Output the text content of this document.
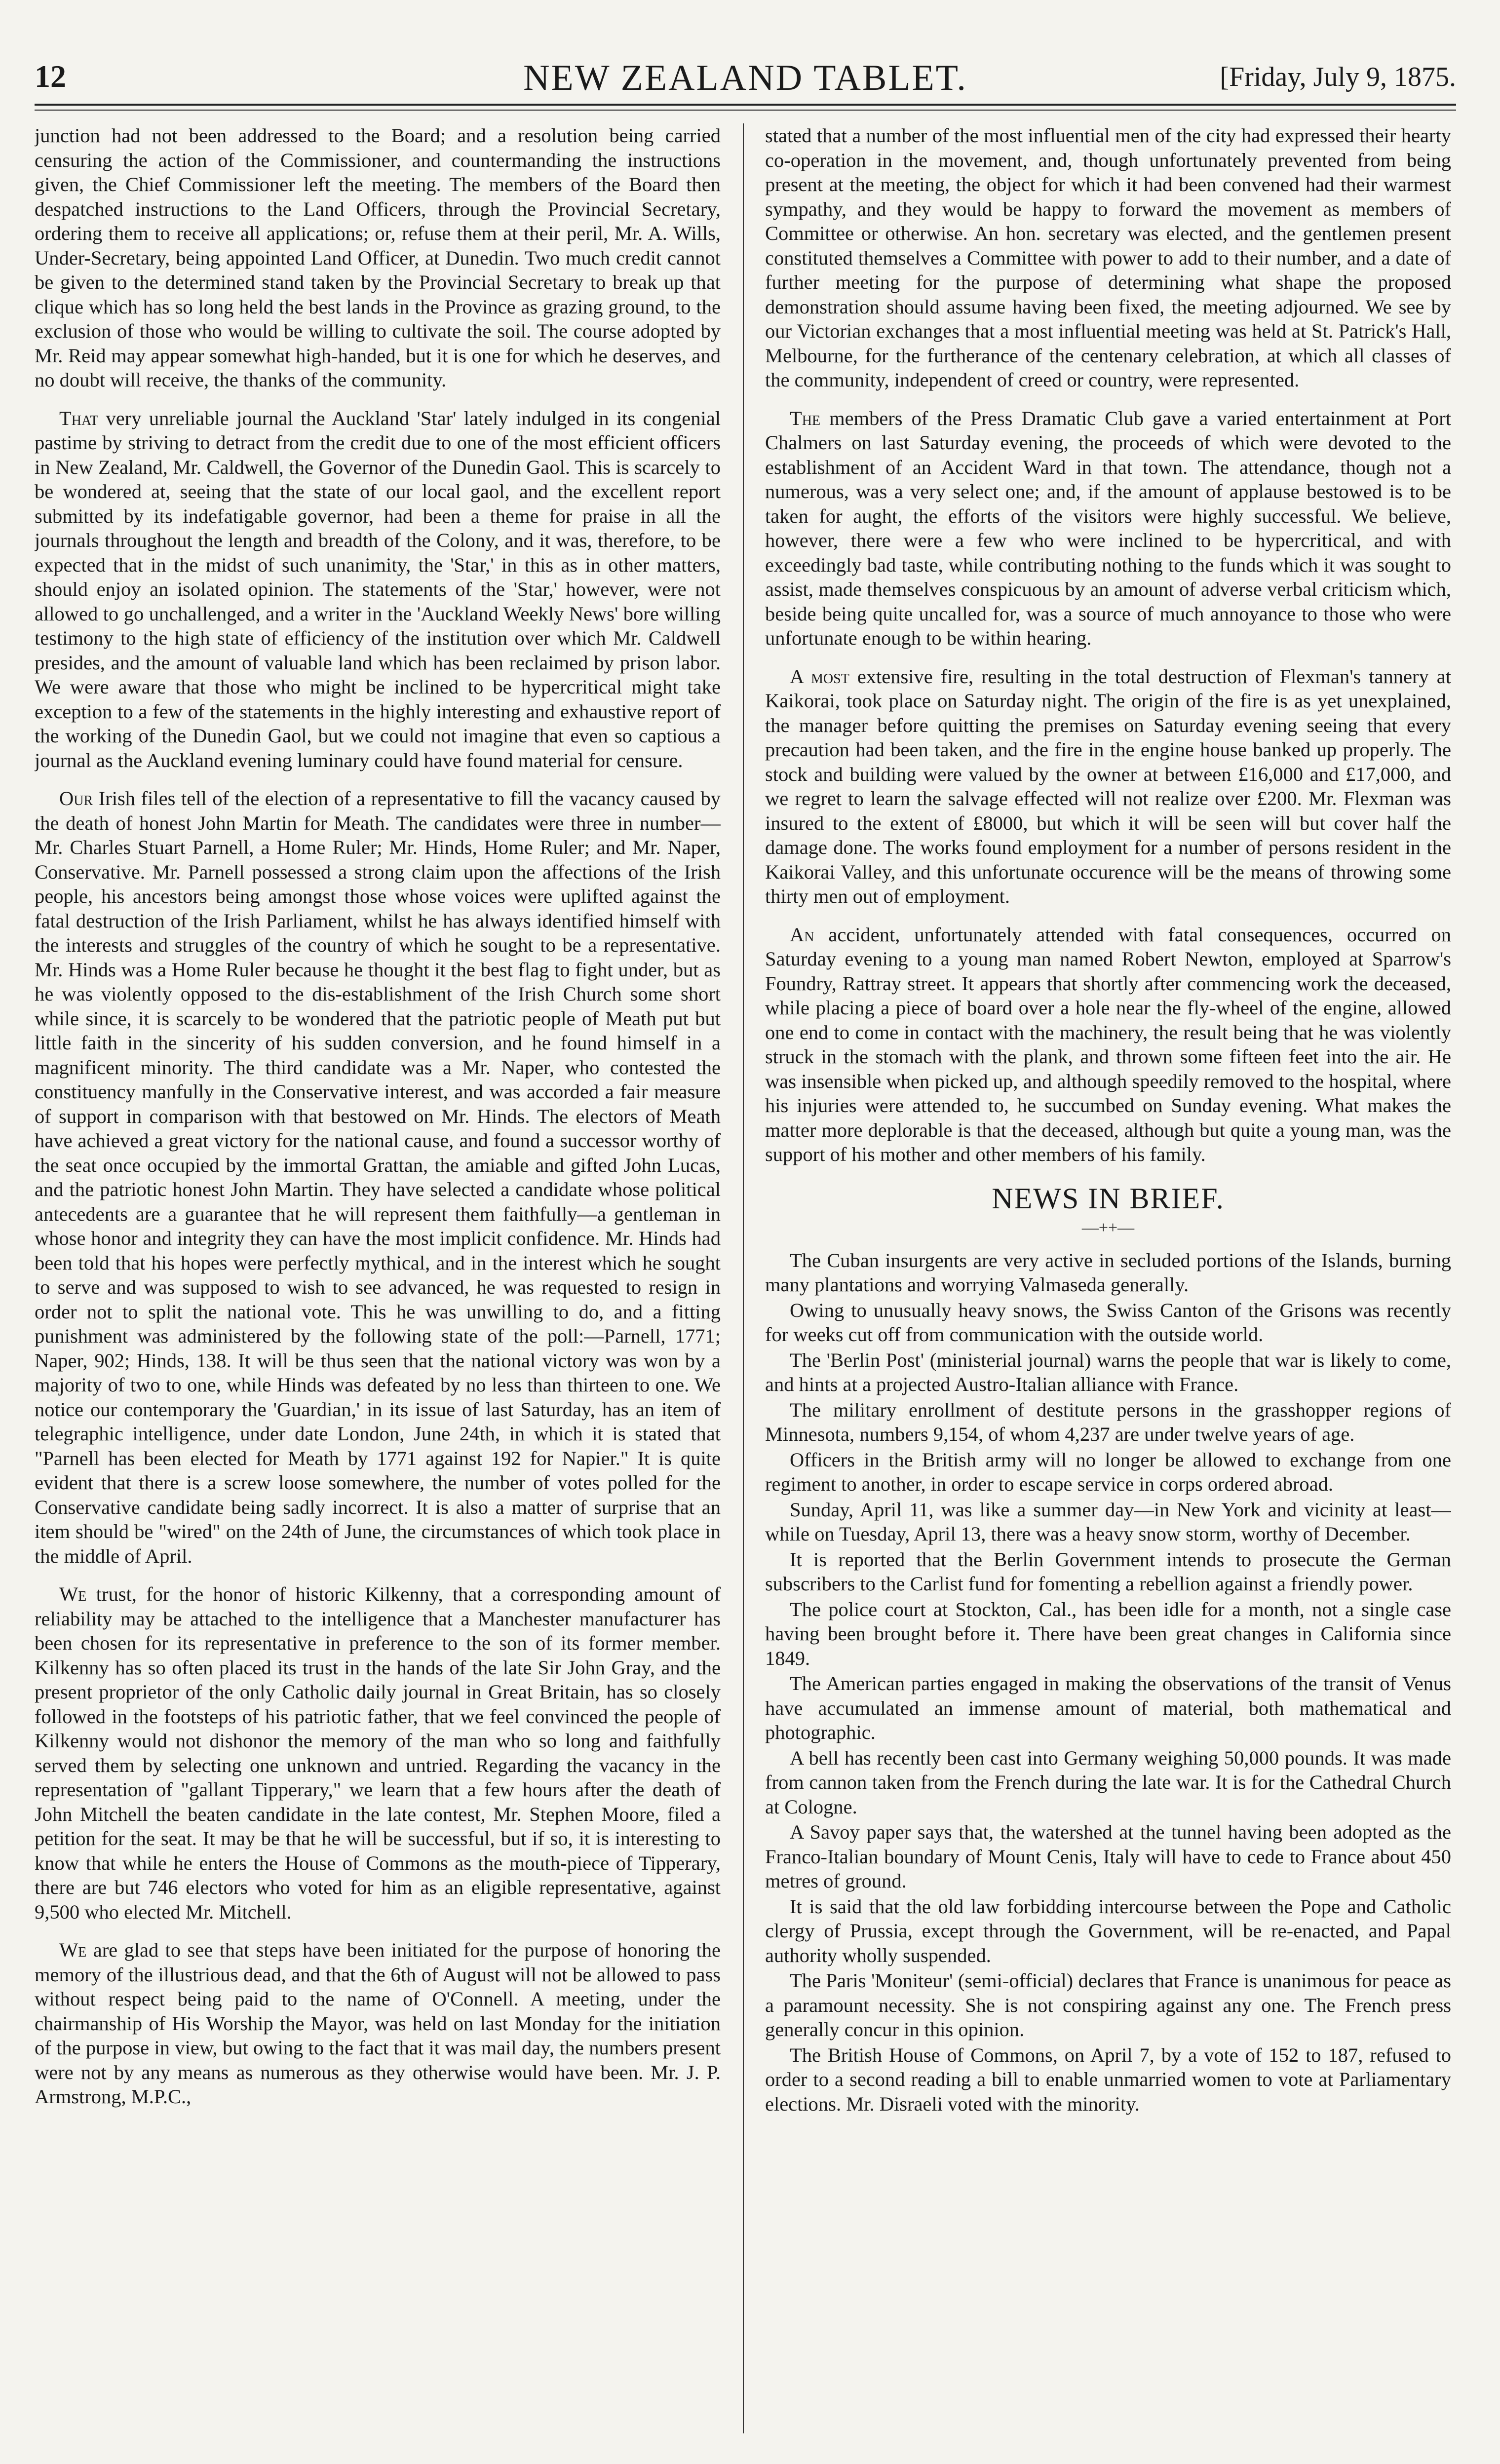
12	NEW ZEALAND TABLET.	[Friday, July 9, 1875.

junction had not been addressed to the Board; and a resolution being carried censuring the action of the Commissioner, and countermanding the instructions given, the Chief Commissioner left the meeting. The members of the Board then despatched instructions to the Land Officers, through the Provincial Secretary, ordering them to receive all applications; or, refuse them at their peril, Mr. A. Wills, Under-Secretary, being appointed Land Officer, at Dunedin. Two much credit cannot be given to the determined stand taken by the Provincial Secretary to break up that clique which has so long held the best lands in the Province as grazing ground, to the exclusion of those who would be willing to cultivate the soil. The course adopted by Mr. Reid may appear somewhat high-handed, but it is one for which he deserves, and no doubt will receive, the thanks of the community.

That very unreliable journal the Auckland 'Star' lately indulged in its congenial pastime by striving to detract from the credit due to one of the most efficient officers in New Zealand, Mr. Caldwell, the Governor of the Dunedin Gaol. This is scarcely to be wondered at, seeing that the state of our local gaol, and the excellent report submitted by its indefatigable governor, had been a theme for praise in all the journals throughout the length and breadth of the Colony, and it was, therefore, to be expected that in the midst of such unanimity, the 'Star,' in this as in other matters, should enjoy an isolated opinion. The statements of the 'Star,' however, were not allowed to go unchallenged, and a writer in the 'Auckland Weekly News' bore willing testimony to the high state of efficiency of the institution over which Mr. Caldwell presides, and the amount of valuable land which has been reclaimed by prison labor. We were aware that those who might be inclined to be hypercritical might take exception to a few of the statements in the highly interesting and exhaustive report of the working of the Dunedin Gaol, but we could not imagine that even so captious a journal as the Auckland evening luminary could have found material for censure.

Our Irish files tell of the election of a representative to fill the vacancy caused by the death of honest John Martin for Meath. The candidates were three in number—Mr. Charles Stuart Parnell, a Home Ruler; Mr. Hinds, Home Ruler; and Mr. Naper, Conservative. Mr. Parnell possessed a strong claim upon the affections of the Irish people, his ancestors being amongst those whose voices were uplifted against the fatal destruction of the Irish Parliament, whilst he has always identified himself with the interests and struggles of the country of which he sought to be a representative. Mr. Hinds was a Home Ruler because he thought it the best flag to fight under, but as he was violently opposed to the dis-establishment of the Irish Church some short while since, it is scarcely to be wondered that the patriotic people of Meath put but little faith in the sincerity of his sudden conversion, and he found himself in a magnificent minority. The third candidate was a Mr. Naper, who contested the constituency manfully in the Conservative interest, and was accorded a fair measure of support in comparison with that bestowed on Mr. Hinds. The electors of Meath have achieved a great victory for the national cause, and found a successor worthy of the seat once occupied by the immortal Grattan, the amiable and gifted John Lucas, and the patriotic honest John Martin. They have selected a candidate whose political antecedents are a guarantee that he will represent them faithfully—a gentleman in whose honor and integrity they can have the most implicit confidence. Mr. Hinds had been told that his hopes were perfectly mythical, and in the interest which he sought to serve and was supposed to wish to see advanced, he was requested to resign in order not to split the national vote. This he was unwilling to do, and a fitting punishment was administered by the following state of the poll:—Parnell, 1771; Naper, 902; Hinds, 138. It will be thus seen that the national victory was won by a majority of two to one, while Hinds was defeated by no less than thirteen to one. We notice our contemporary the 'Guardian,' in its issue of last Saturday, has an item of telegraphic intelligence, under date London, June 24th, in which it is stated that "Parnell has been elected for Meath by 1771 against 192 for Napier." It is quite evident that there is a screw loose somewhere, the number of votes polled for the Conservative candidate being sadly incorrect. It is also a matter of surprise that an item should be "wired" on the 24th of June, the circumstances of which took place in the middle of April.

We trust, for the honor of historic Kilkenny, that a corresponding amount of reliability may be attached to the intelligence that a Manchester manufacturer has been chosen for its representative in preference to the son of its former member. Kilkenny has so often placed its trust in the hands of the late Sir John Gray, and the present proprietor of the only Catholic daily journal in Great Britain, has so closely followed in the footsteps of his patriotic father, that we feel convinced the people of Kilkenny would not dishonor the memory of the man who so long and faithfully served them by selecting one unknown and untried. Regarding the vacancy in the representation of "gallant Tipperary," we learn that a few hours after the death of John Mitchell the beaten candidate in the late contest, Mr. Stephen Moore, filed a petition for the seat. It may be that he will be successful, but if so, it is interesting to know that while he enters the House of Commons as the mouth-piece of Tipperary, there are but 746 electors who voted for him as an eligible representative, against 9,500 who elected Mr. Mitchell.

We are glad to see that steps have been initiated for the purpose of honoring the memory of the illustrious dead, and that the 6th of August will not be allowed to pass without respect being paid to the name of O'Connell. A meeting, under the chairmanship of His Worship the Mayor, was held on last Monday for the initiation of the purpose in view, but owing to the fact that it was mail day, the numbers present were not by any means as numerous as they otherwise would have been. Mr. J. P. Armstrong, M.P.C.,

stated that a number of the most influential men of the city had expressed their hearty co-operation in the movement, and, though unfortunately prevented from being present at the meeting, the object for which it had been convened had their warmest sympathy, and they would be happy to forward the movement as members of Committee or otherwise. An hon. secretary was elected, and the gentlemen present constituted themselves a Committee with power to add to their number, and a date of further meeting for the purpose of determining what shape the proposed demonstration should assume having been fixed, the meeting adjourned. We see by our Victorian exchanges that a most influential meeting was held at St. Patrick's Hall, Melbourne, for the furtherance of the centenary celebration, at which all classes of the community, independent of creed or country, were represented.

The members of the Press Dramatic Club gave a varied entertainment at Port Chalmers on last Saturday evening, the proceeds of which were devoted to the establishment of an Accident Ward in that town. The attendance, though not a numerous, was a very select one; and, if the amount of applause bestowed is to be taken for aught, the efforts of the visitors were highly successful. We believe, however, there were a few who were inclined to be hypercritical, and with exceedingly bad taste, while contributing nothing to the funds which it was sought to assist, made themselves conspicuous by an amount of adverse verbal criticism which, beside being quite uncalled for, was a source of much annoyance to those who were unfortunate enough to be within hearing.

A most extensive fire, resulting in the total destruction of Flexman's tannery at Kaikorai, took place on Saturday night. The origin of the fire is as yet unexplained, the manager before quitting the premises on Saturday evening seeing that every precaution had been taken, and the fire in the engine house banked up properly. The stock and building were valued by the owner at between £16,000 and £17,000, and we regret to learn the salvage effected will not realize over £200. Mr. Flexman was insured to the extent of £8000, but which it will be seen will but cover half the damage done. The works found employment for a number of persons resident in the Kaikorai Valley, and this unfortunate occurence will be the means of throwing some thirty men out of employment.

An accident, unfortunately attended with fatal consequences, occurred on Saturday evening to a young man named Robert Newton, employed at Sparrow's Foundry, Rattray street. It appears that shortly after commencing work the deceased, while placing a piece of board over a hole near the fly-wheel of the engine, allowed one end to come in contact with the machinery, the result being that he was violently struck in the stomach with the plank, and thrown some fifteen feet into the air. He was insensible when picked up, and although speedily removed to the hospital, where his injuries were attended to, he succumbed on Sunday evening. What makes the matter more deplorable is that the deceased, although but quite a young man, was the support of his mother and other members of his family.

NEWS IN BRIEF.
—++—

The Cuban insurgents are very active in secluded portions of the Islands, burning many plantations and worrying Valmaseda generally.

Owing to unusually heavy snows, the Swiss Canton of the Grisons was recently for weeks cut off from communication with the outside world.

The 'Berlin Post' (ministerial journal) warns the people that war is likely to come, and hints at a projected Austro-Italian alliance with France.

The military enrollment of destitute persons in the grasshopper regions of Minnesota, numbers 9,154, of whom 4,237 are under twelve years of age.

Officers in the British army will no longer be allowed to exchange from one regiment to another, in order to escape service in corps ordered abroad.

Sunday, April 11, was like a summer day—in New York and vicinity at least—while on Tuesday, April 13, there was a heavy snow storm, worthy of December.

It is reported that the Berlin Government intends to prosecute the German subscribers to the Carlist fund for fomenting a rebellion against a friendly power.

The police court at Stockton, Cal., has been idle for a month, not a single case having been brought before it. There have been great changes in California since 1849.

The American parties engaged in making the observations of the transit of Venus have accumulated an immense amount of material, both mathematical and photographic.

A bell has recently been cast into Germany weighing 50,000 pounds. It was made from cannon taken from the French during the late war. It is for the Cathedral Church at Cologne.

A Savoy paper says that, the watershed at the tunnel having been adopted as the Franco-Italian boundary of Mount Cenis, Italy will have to cede to France about 450 metres of ground.

It is said that the old law forbidding intercourse between the Pope and Catholic clergy of Prussia, except through the Government, will be re-enacted, and Papal authority wholly suspended.

The Paris 'Moniteur' (semi-official) declares that France is unanimous for peace as a paramount necessity. She is not conspiring against any one. The French press generally concur in this opinion.

The British House of Commons, on April 7, by a vote of 152 to 187, refused to order to a second reading a bill to enable unmarried women to vote at Parliamentary elections. Mr. Disraeli voted with the minority.
